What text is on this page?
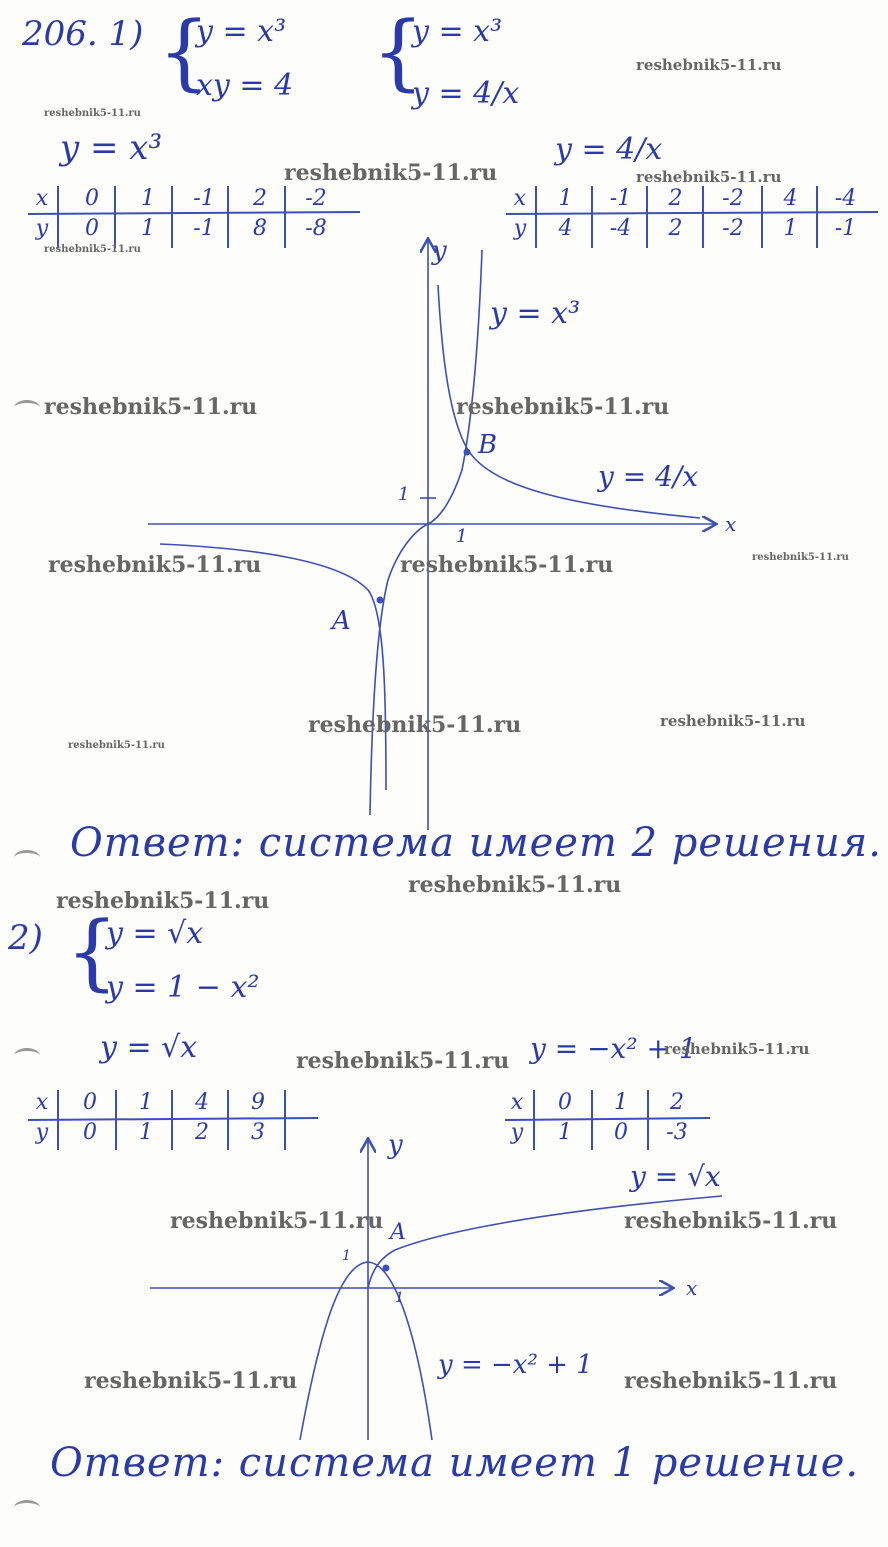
206. 1) {
y = x³
xy = 4 {
y = x³
y = 4/x
y = x³	y = 4/x
x	0	1	-1	2	-2
y	0	1	-1	8	-8
x	1	-1	2	-2	4	-4
y	4	-4	2	-2	1	-1
2) {
y = √x
y = 1 − x²
y = √x	y = −x² + 1
x	0	1	4	9
y	0	1	2	3
x	0	1	2
y	1	0	-3
y
x
1
1
B
A
y = x³
y = 4/x
Ответ: система имеет 2 решения.
y
x
1
1
A
y = √x
y = −x² + 1
Ответ: система имеет 1 решение.
reshebnik5-11.ru
reshebnik5-11.ru
reshebnik5-11.ru	reshebnik5-11.ru
reshebnik5-11.ru
reshebnik5-11.ru	reshebnik5-11.ru
reshebnik5-11.ru	reshebnik5-11.ru	reshebnik5-11.ru
reshebnik5-11.ru	reshebnik5-11.ru
reshebnik5-11.ru
reshebnik5-11.ru
reshebnik5-11.ru
reshebnik5-11.ru	reshebnik5-11.ru
reshebnik5-11.ru	reshebnik5-11.ru
reshebnik5-11.ru	reshebnik5-11.ru
